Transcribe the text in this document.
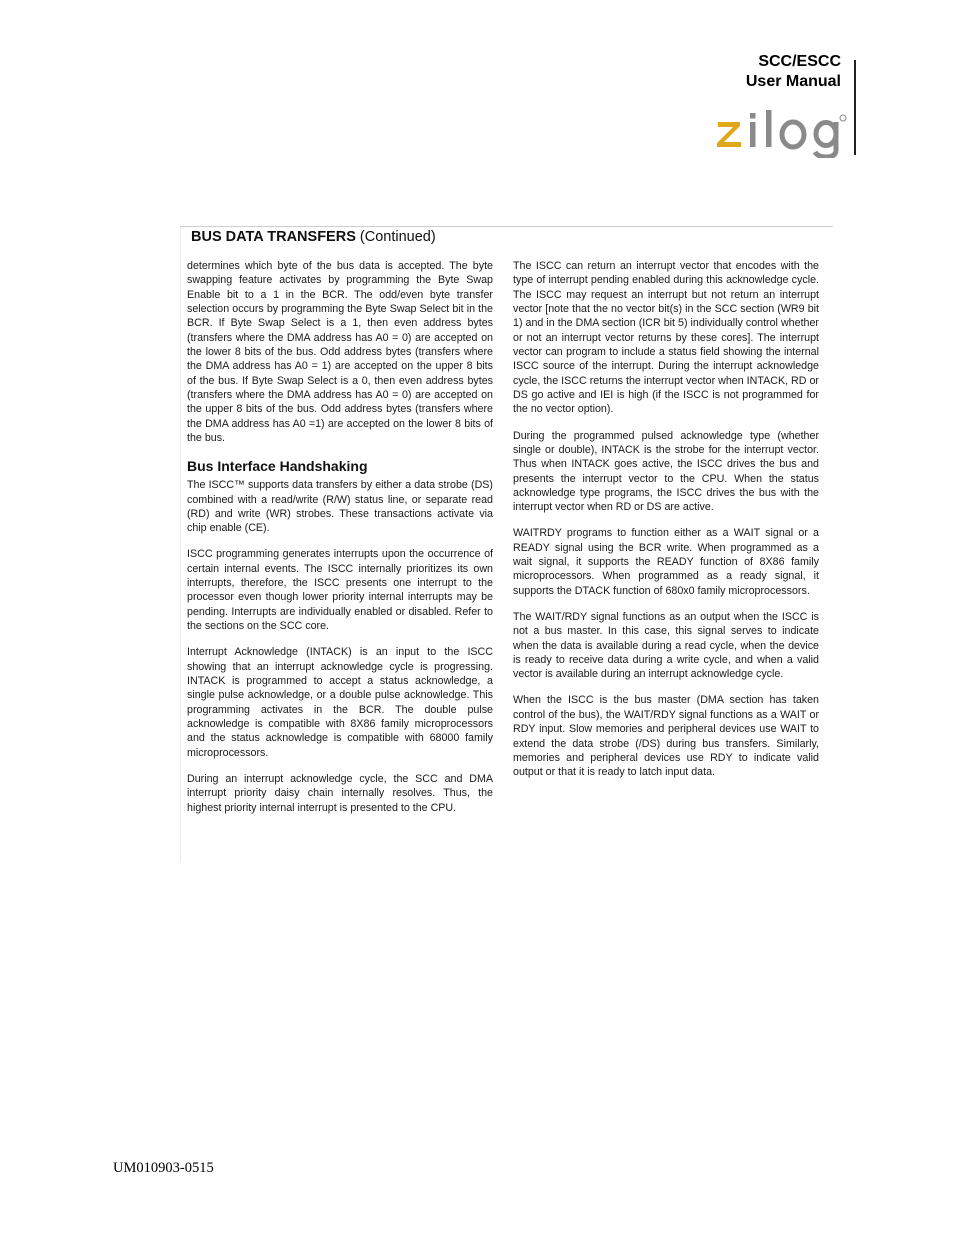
SCC/ESCC
User Manual
BUS DATA TRANSFERS (Continued)

determines which byte of the bus data is accepted. The byte swapping feature activates by programming the Byte Swap Enable bit to a 1 in the BCR. The odd/even byte transfer selection occurs by programming the Byte Swap Select bit in the BCR. If Byte Swap Select is a 1, then even address bytes (transfers where the DMA address has A0 = 0) are accepted on the lower 8 bits of the bus. Odd address bytes (transfers where the DMA address has A0 = 1) are accepted on the upper 8 bits of the bus. If Byte Swap Select is a 0, then even address bytes (transfers where the DMA address has A0 = 0) are accepted on the upper 8 bits of the bus. Odd address bytes (transfers where the DMA address has A0 =1) are accepted on the lower 8 bits of the bus.

Bus Interface Handshaking

The ISCC™ supports data transfers by either a data strobe (DS) combined with a read/write (R/W) status line, or separate read (RD) and write (WR) strobes. These transactions activate via chip enable (CE).

ISCC programming generates interrupts upon the occurrence of certain internal events. The ISCC internally prioritizes its own interrupts, therefore, the ISCC presents one interrupt to the processor even though lower priority internal interrupts may be pending. Interrupts are individually enabled or disabled. Refer to the sections on the SCC core.

Interrupt Acknowledge (INTACK) is an input to the ISCC showing that an interrupt acknowledge cycle is progressing. INTACK is programmed to accept a status acknowledge, a single pulse acknowledge, or a double pulse acknowledge. This programming activates in the BCR. The double pulse acknowledge is compatible with 8X86 family microprocessors and the status acknowledge is compatible with 68000 family microprocessors.

During an interrupt acknowledge cycle, the SCC and DMA interrupt priority daisy chain internally resolves. Thus, the highest priority internal interrupt is presented to the CPU.

The ISCC can return an interrupt vector that encodes with the type of interrupt pending enabled during this acknowledge cycle. The ISCC may request an interrupt but not return an interrupt vector [note that the no vector bit(s) in the SCC section (WR9 bit 1) and in the DMA section (ICR bit 5) individually control whether or not an interrupt vector returns by these cores]. The interrupt vector can program to include a status field showing the internal ISCC source of the interrupt. During the interrupt acknowledge cycle, the ISCC returns the interrupt vector when INTACK, RD or DS go active and IEI is high (if the ISCC is not programmed for the no vector option).

During the programmed pulsed acknowledge type (whether single or double), INTACK is the strobe for the interrupt vector. Thus when INTACK goes active, the ISCC drives the bus and presents the interrupt vector to the CPU. When the status acknowledge type programs, the ISCC drives the bus with the interrupt vector when RD or DS are active.

WAITRDY programs to function either as a WAIT signal or a READY signal using the BCR write. When programmed as a wait signal, it supports the READY function of 8X86 family microprocessors. When programmed as a ready signal, it supports the DTACK function of 680x0 family microprocessors.

The WAIT/RDY signal functions as an output when the ISCC is not a bus master. In this case, this signal serves to indicate when the data is available during a read cycle, when the device is ready to receive data during a write cycle, and when a valid vector is available during an interrupt acknowledge cycle.

When the ISCC is the bus master (DMA section has taken control of the bus), the WAIT/RDY signal functions as a WAIT or RDY input. Slow memories and peripheral devices use WAIT to extend the data strobe (/DS) during bus transfers. Similarly, memories and peripheral devices use RDY to indicate valid output or that it is ready to latch input data.

UM010903-0515
